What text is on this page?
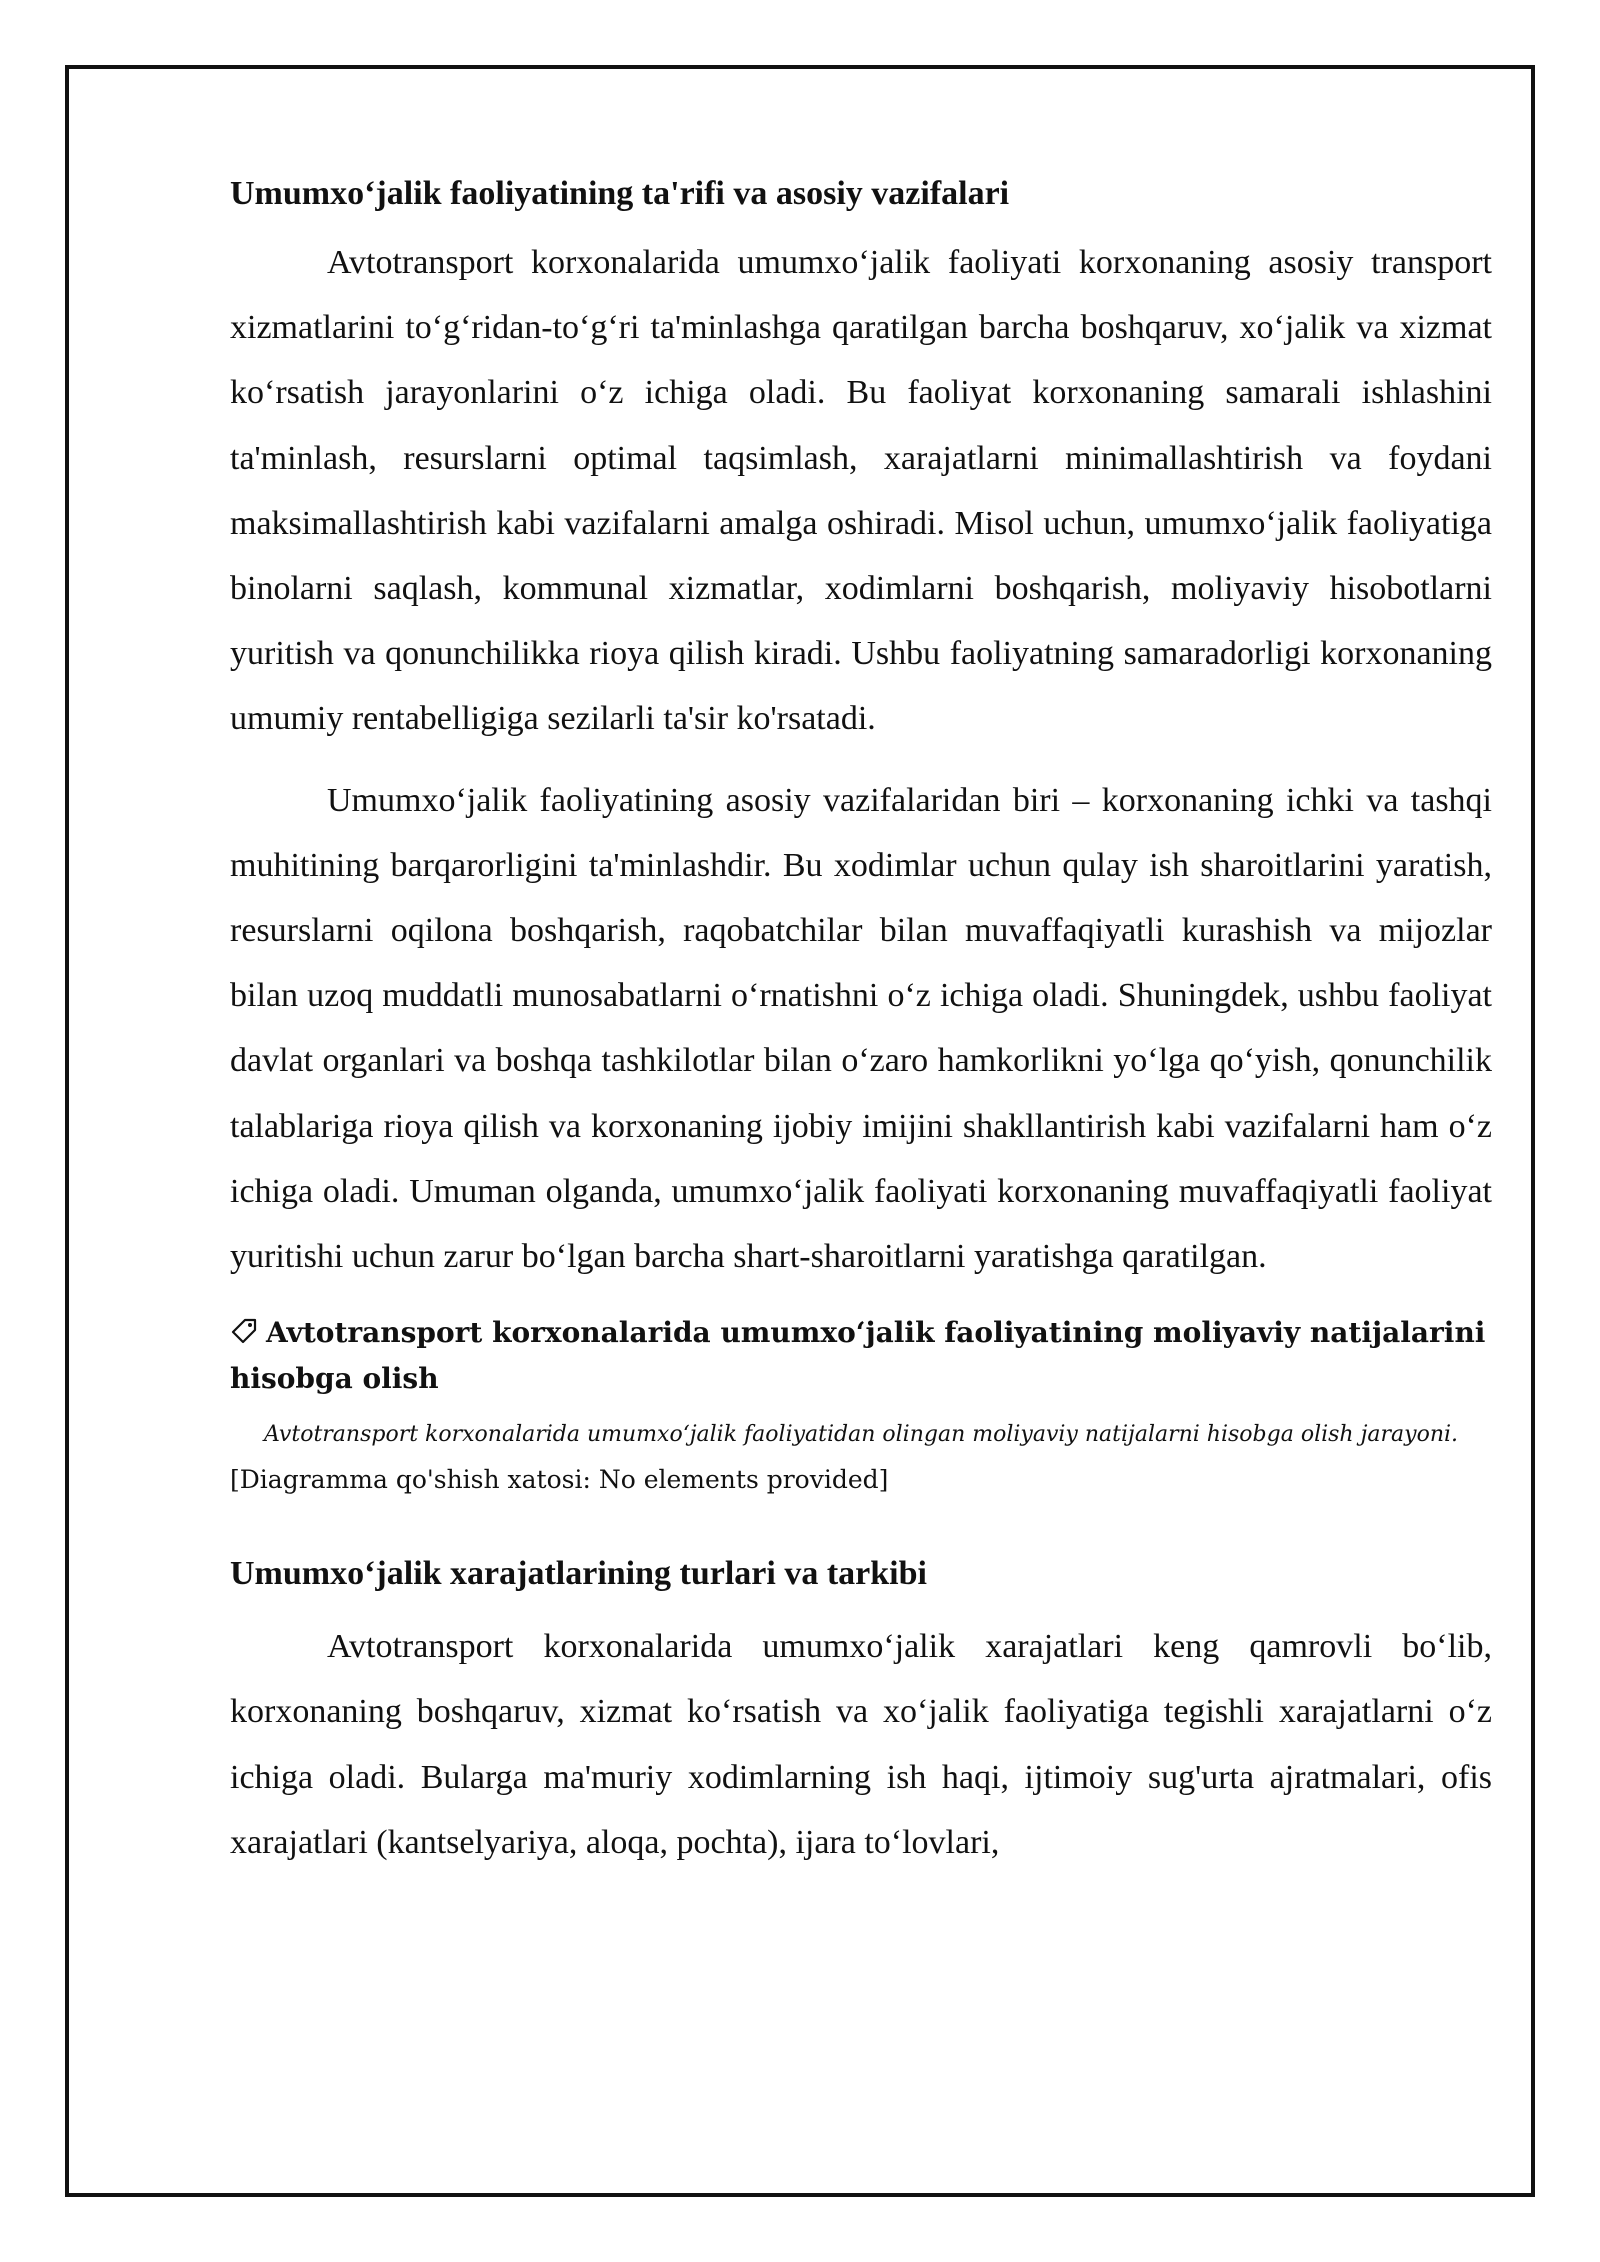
Umumxo‘jalik faoliyatining ta'rifi va asosiy vazifalari

Avtotransport korxonalarida umumxo‘jalik faoliyati korxonaning asosiy transport xizmatlarini to‘g‘ridan-to‘g‘ri ta'minlashga qaratilgan barcha boshqaruv, xo‘jalik va xizmat ko‘rsatish jarayonlarini o‘z ichiga oladi. Bu faoliyat korxonaning samarali ishlashini ta'minlash, resurslarni optimal taqsimlash, xarajatlarni minimallashtirish va foydani maksimallashtirish kabi vazifalarni amalga oshiradi. Misol uchun, umumxo‘jalik faoliyatiga binolarni saqlash, kommunal xizmatlar, xodimlarni boshqarish, moliyaviy hisobotlarni yuritish va qonunchilikka rioya qilish kiradi. Ushbu faoliyatning samaradorligi korxonaning umumiy rentabelligiga sezilarli ta'sir ko'rsatadi.

Umumxo‘jalik faoliyatining asosiy vazifalaridan biri – korxonaning ichki va tashqi muhitining barqarorligini ta'minlashdir. Bu xodimlar uchun qulay ish sharoitlarini yaratish, resurslarni oqilona boshqarish, raqobatchilar bilan muvaffaqiyatli kurashish va mijozlar bilan uzoq muddatli munosabatlarni o‘rnatishni o‘z ichiga oladi. Shuningdek, ushbu faoliyat davlat organlari va boshqa tashkilotlar bilan o‘zaro hamkorlikni yo‘lga qo‘yish, qonunchilik talablariga rioya qilish va korxonaning ijobiy imijini shakllantirish kabi vazifalarni ham o‘z ichiga oladi. Umuman olganda, umumxo‘jalik faoliyati korxonaning muvaffaqiyatli faoliyat yuritishi uchun zarur bo‘lgan barcha shart-sharoitlarni yaratishga qaratilgan.

Avtotransport korxonalarida umumxo‘jalik faoliyatining moliyaviy natijalarini hisobga olish

Avtotransport korxonalarida umumxo‘jalik faoliyatidan olingan moliyaviy natijalarni hisobga olish jarayoni.

[Diagramma qo'shish xatosi: No elements provided]

Umumxo‘jalik xarajatlarining turlari va tarkibi

Avtotransport korxonalarida umumxo‘jalik xarajatlari keng qamrovli bo‘lib, korxonaning boshqaruv, xizmat ko‘rsatish va xo‘jalik faoliyatiga tegishli xarajatlarni o‘z ichiga oladi. Bularga ma'muriy xodimlarning ish haqi, ijtimoiy sug'urta ajratmalari, ofis xarajatlari (kantselyariya, aloqa, pochta), ijara to‘lovlari,
